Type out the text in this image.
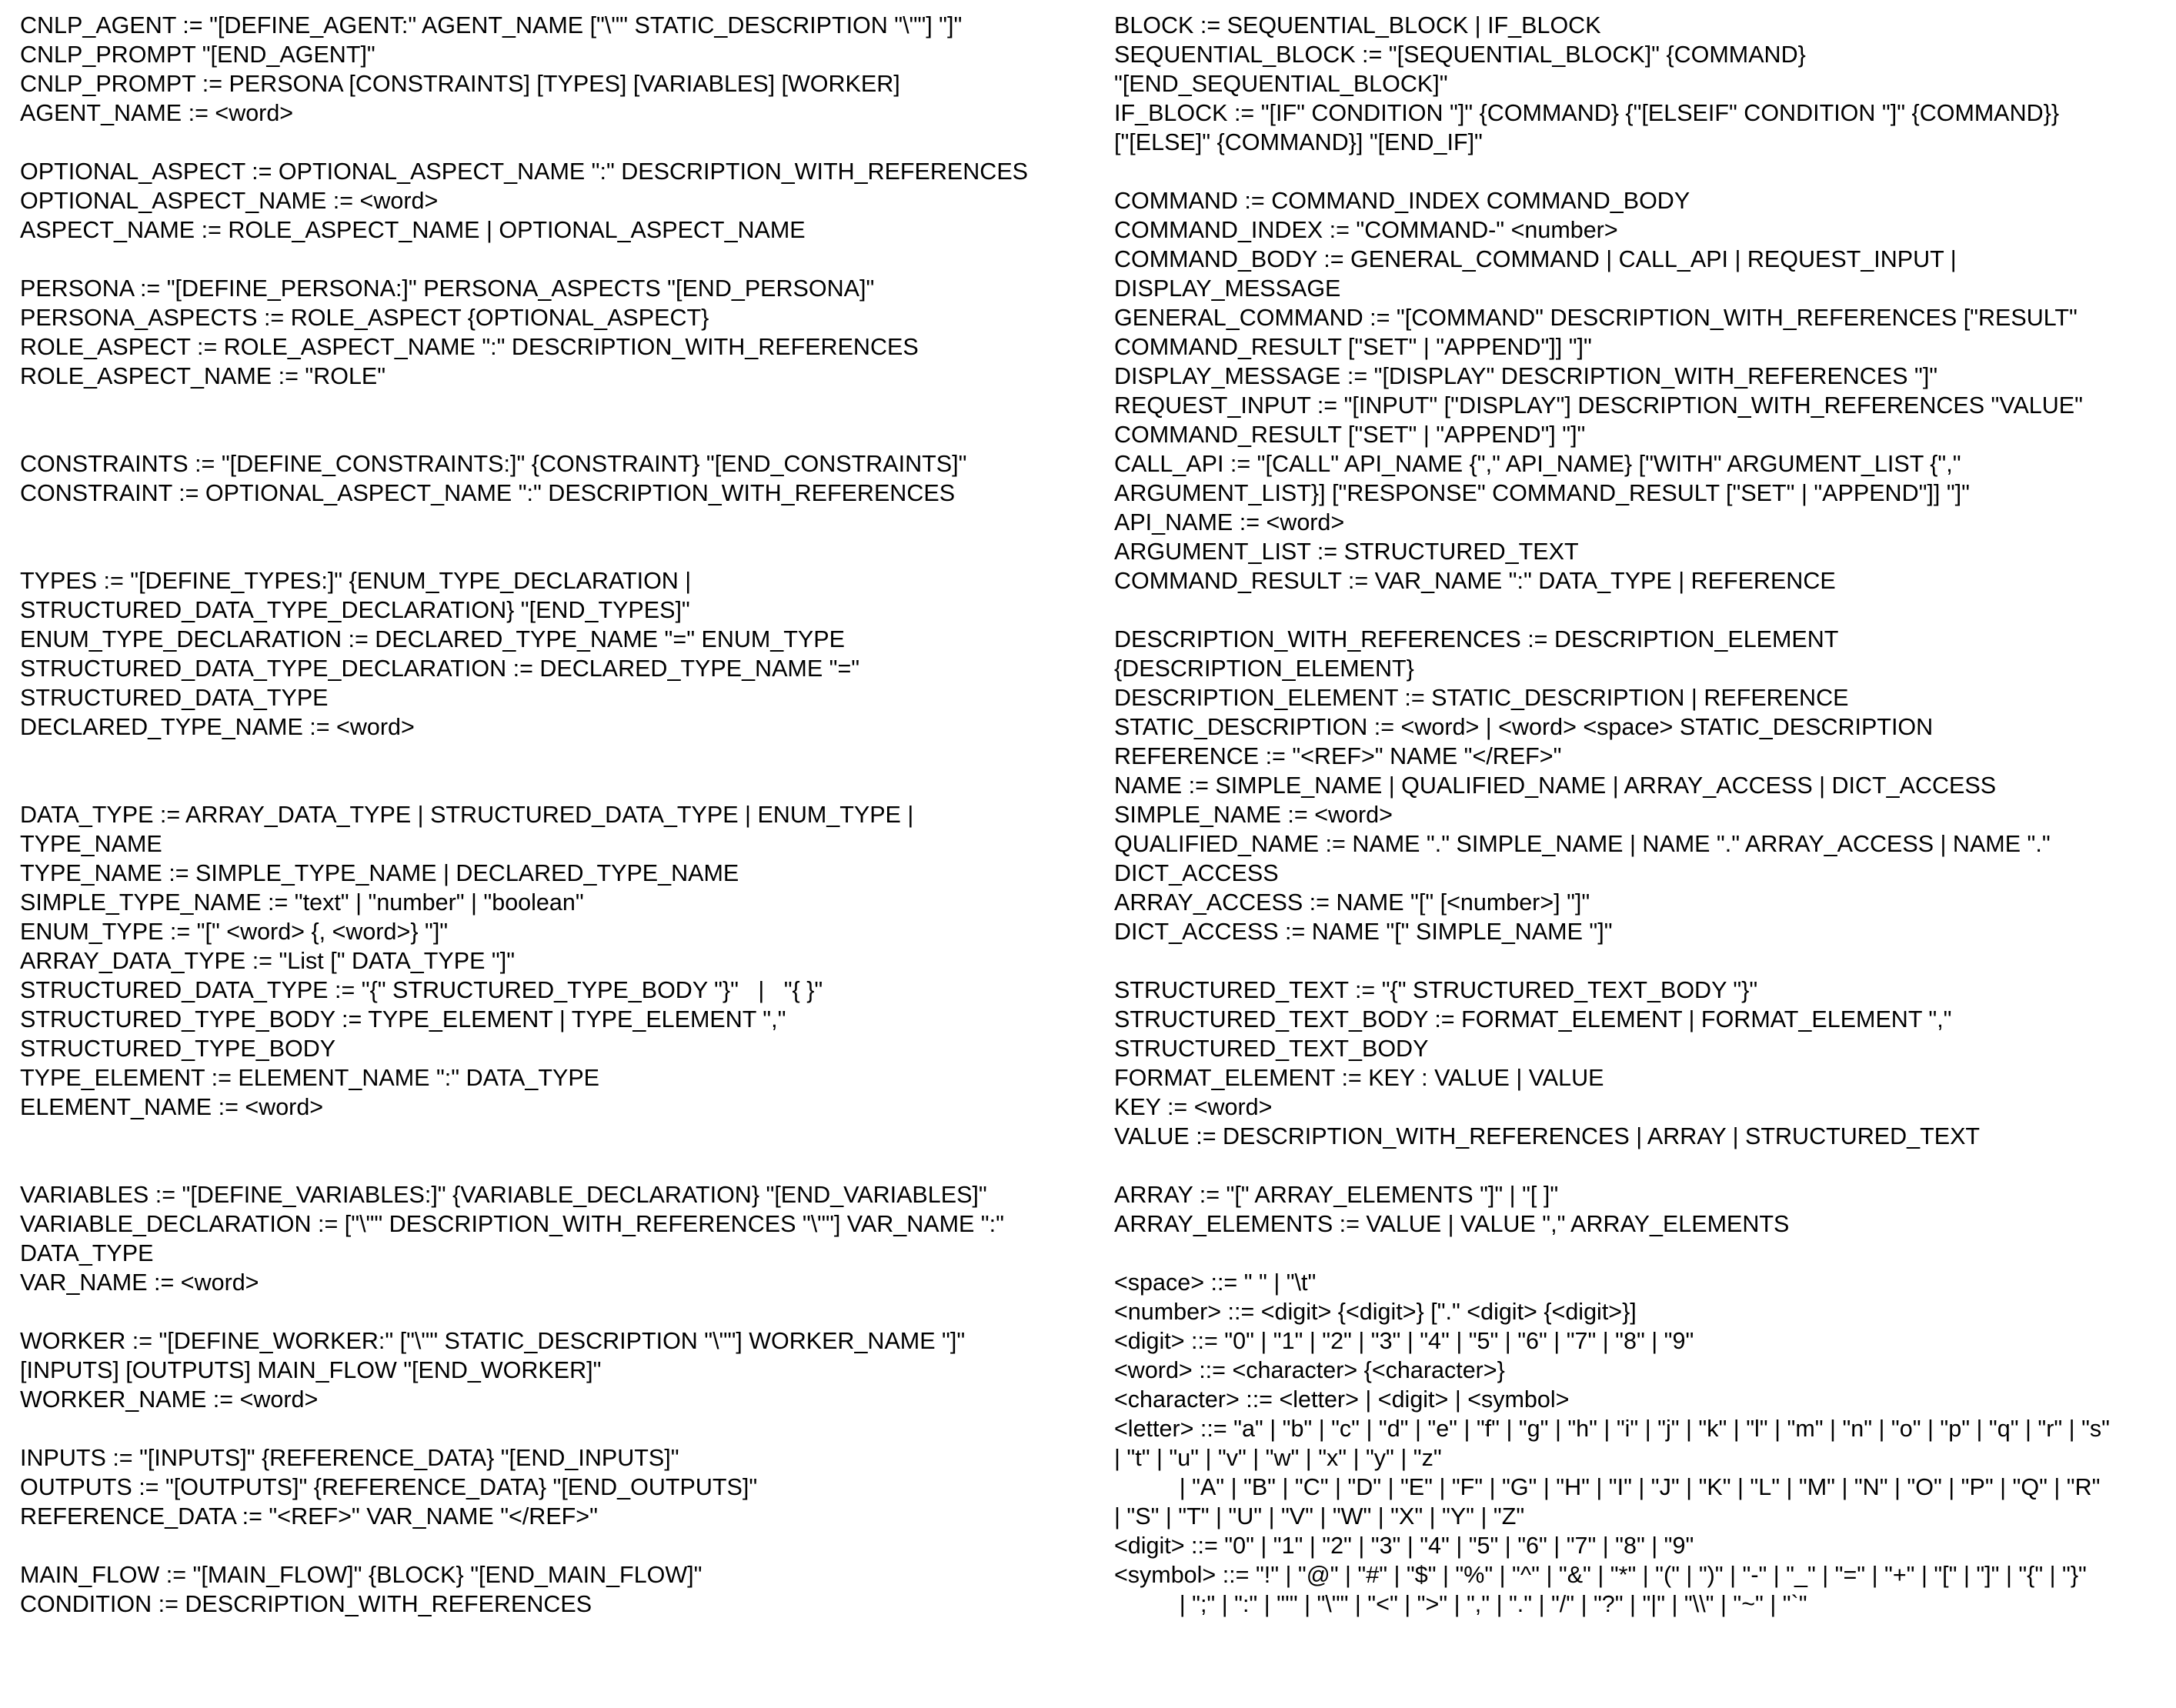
CNLP_AGENT := "[DEFINE_AGENT:" AGENT_NAME ["\"" STATIC_DESCRIPTION "\""] "]"
CNLP_PROMPT "[END_AGENT]"
CNLP_PROMPT := PERSONA [CONSTRAINTS] [TYPES] [VARIABLES] [WORKER]
AGENT_NAME := <word>
OPTIONAL_ASPECT := OPTIONAL_ASPECT_NAME ":" DESCRIPTION_WITH_REFERENCES
OPTIONAL_ASPECT_NAME := <word>
ASPECT_NAME := ROLE_ASPECT_NAME | OPTIONAL_ASPECT_NAME
PERSONA := "[DEFINE_PERSONA:]" PERSONA_ASPECTS "[END_PERSONA]"
PERSONA_ASPECTS := ROLE_ASPECT {OPTIONAL_ASPECT}
ROLE_ASPECT := ROLE_ASPECT_NAME ":" DESCRIPTION_WITH_REFERENCES
ROLE_ASPECT_NAME := "ROLE"
CONSTRAINTS := "[DEFINE_CONSTRAINTS:]" {CONSTRAINT} "[END_CONSTRAINTS]"
CONSTRAINT := OPTIONAL_ASPECT_NAME ":" DESCRIPTION_WITH_REFERENCES
TYPES := "[DEFINE_TYPES:]" {ENUM_TYPE_DECLARATION |
STRUCTURED_DATA_TYPE_DECLARATION} "[END_TYPES]"
ENUM_TYPE_DECLARATION := DECLARED_TYPE_NAME "=" ENUM_TYPE
STRUCTURED_DATA_TYPE_DECLARATION := DECLARED_TYPE_NAME "="
STRUCTURED_DATA_TYPE
DECLARED_TYPE_NAME := <word>
DATA_TYPE := ARRAY_DATA_TYPE | STRUCTURED_DATA_TYPE | ENUM_TYPE |
TYPE_NAME
TYPE_NAME := SIMPLE_TYPE_NAME | DECLARED_TYPE_NAME
SIMPLE_TYPE_NAME := "text" | "number" | "boolean"
ENUM_TYPE := "[" <word> {, <word>} "]"
ARRAY_DATA_TYPE := "List [" DATA_TYPE "]"
STRUCTURED_DATA_TYPE := "{" STRUCTURED_TYPE_BODY "}"   |   "{ }"
STRUCTURED_TYPE_BODY := TYPE_ELEMENT | TYPE_ELEMENT ","
STRUCTURED_TYPE_BODY
TYPE_ELEMENT := ELEMENT_NAME ":" DATA_TYPE
ELEMENT_NAME := <word>
VARIABLES := "[DEFINE_VARIABLES:]" {VARIABLE_DECLARATION} "[END_VARIABLES]"
VARIABLE_DECLARATION := ["\"" DESCRIPTION_WITH_REFERENCES "\""] VAR_NAME ":"
DATA_TYPE
VAR_NAME := <word>
WORKER := "[DEFINE_WORKER:" ["\"" STATIC_DESCRIPTION "\""] WORKER_NAME "]"
[INPUTS] [OUTPUTS] MAIN_FLOW "[END_WORKER]"
WORKER_NAME := <word>
INPUTS := "[INPUTS]" {REFERENCE_DATA} "[END_INPUTS]"
OUTPUTS := "[OUTPUTS]" {REFERENCE_DATA} "[END_OUTPUTS]"
REFERENCE_DATA := "<REF>" VAR_NAME "</REF>"
MAIN_FLOW := "[MAIN_FLOW]" {BLOCK} "[END_MAIN_FLOW]"
CONDITION := DESCRIPTION_WITH_REFERENCES
BLOCK := SEQUENTIAL_BLOCK | IF_BLOCK
SEQUENTIAL_BLOCK := "[SEQUENTIAL_BLOCK]" {COMMAND}
"[END_SEQUENTIAL_BLOCK]"
IF_BLOCK := "[IF" CONDITION "]" {COMMAND} {"[ELSEIF" CONDITION "]" {COMMAND}}
["[ELSE]" {COMMAND}] "[END_IF]"
COMMAND := COMMAND_INDEX COMMAND_BODY
COMMAND_INDEX := "COMMAND-" <number>
COMMAND_BODY := GENERAL_COMMAND | CALL_API | REQUEST_INPUT |
DISPLAY_MESSAGE
GENERAL_COMMAND := "[COMMAND" DESCRIPTION_WITH_REFERENCES ["RESULT"
COMMAND_RESULT ["SET" | "APPEND"]] "]"
DISPLAY_MESSAGE := "[DISPLAY" DESCRIPTION_WITH_REFERENCES "]"
REQUEST_INPUT := "[INPUT" ["DISPLAY"] DESCRIPTION_WITH_REFERENCES "VALUE"
COMMAND_RESULT ["SET" | "APPEND"] "]"
CALL_API := "[CALL" API_NAME {"," API_NAME} ["WITH" ARGUMENT_LIST {","
ARGUMENT_LIST}] ["RESPONSE" COMMAND_RESULT ["SET" | "APPEND"]] "]"
API_NAME := <word>
ARGUMENT_LIST := STRUCTURED_TEXT
COMMAND_RESULT := VAR_NAME ":" DATA_TYPE | REFERENCE
DESCRIPTION_WITH_REFERENCES := DESCRIPTION_ELEMENT
{DESCRIPTION_ELEMENT}
DESCRIPTION_ELEMENT := STATIC_DESCRIPTION | REFERENCE
STATIC_DESCRIPTION := <word> | <word> <space> STATIC_DESCRIPTION
REFERENCE := "<REF>" NAME "</REF>"
NAME := SIMPLE_NAME | QUALIFIED_NAME | ARRAY_ACCESS | DICT_ACCESS
SIMPLE_NAME := <word>
QUALIFIED_NAME := NAME "." SIMPLE_NAME | NAME "." ARRAY_ACCESS | NAME "."
DICT_ACCESS
ARRAY_ACCESS := NAME "[" [<number>] "]"
DICT_ACCESS := NAME "[" SIMPLE_NAME "]"
STRUCTURED_TEXT := "{" STRUCTURED_TEXT_BODY "}"
STRUCTURED_TEXT_BODY := FORMAT_ELEMENT | FORMAT_ELEMENT ","
STRUCTURED_TEXT_BODY
FORMAT_ELEMENT := KEY : VALUE | VALUE
KEY := <word>
VALUE := DESCRIPTION_WITH_REFERENCES | ARRAY | STRUCTURED_TEXT
ARRAY := "[" ARRAY_ELEMENTS "]" | "[ ]"
ARRAY_ELEMENTS := VALUE | VALUE "," ARRAY_ELEMENTS
<space> ::= " " | "\t"
<number> ::= <digit> {<digit>} ["." <digit> {<digit>}]
<digit> ::= "0" | "1" | "2" | "3" | "4" | "5" | "6" | "7" | "8" | "9"
<word> ::= <character> {<character>}
<character> ::= <letter> | <digit> | <symbol>
<letter> ::= "a" | "b" | "c" | "d" | "e" | "f" | "g" | "h" | "i" | "j" | "k" | "l" | "m" | "n" | "o" | "p" | "q" | "r" | "s"
| "t" | "u" | "v" | "w" | "x" | "y" | "z"
| "A" | "B" | "C" | "D" | "E" | "F" | "G" | "H" | "I" | "J" | "K" | "L" | "M" | "N" | "O" | "P" | "Q" | "R"
| "S" | "T" | "U" | "V" | "W" | "X" | "Y" | "Z"
<digit> ::= "0" | "1" | "2" | "3" | "4" | "5" | "6" | "7" | "8" | "9"
<symbol> ::= "!" | "@" | "#" | "$" | "%" | "^" | "&" | "*" | "(" | ")" | "-" | "_" | "=" | "+" | "[" | "]" | "{" | "}"
| ";" | ":" | "'" | "\"" | "<" | ">" | "," | "." | "/" | "?" | "|" | "\\" | "~" | "`"
